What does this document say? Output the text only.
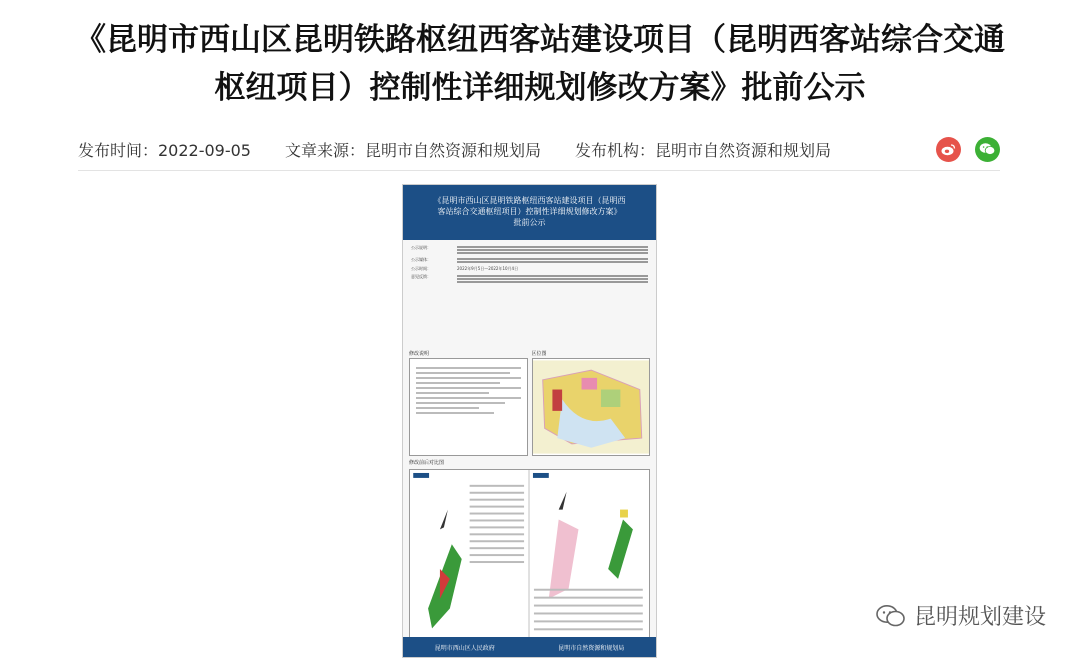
《昆明市西山区昆明铁路枢纽西客站建设项目（昆明西客站综合交通
枢纽项目）控制性详细规划修改方案》批前公示
发布时间：2022-09-05 文章来源：昆明市自然资源和规划局 发布机构：昆明市自然资源和规划局
《昆明市西山区昆明铁路枢纽西客站建设项目（昆明西
客站综合交通枢纽项目）控制性详细规划修改方案》
批前公示
公示说明：
公示媒体：
公示时间：	2022年9月5日—2022年10月4日
意见反馈：
修改说明	区位图
修改前后对比图
昆明市西山区人民政府	昆明市自然资源和规划局
昆明规划建设
